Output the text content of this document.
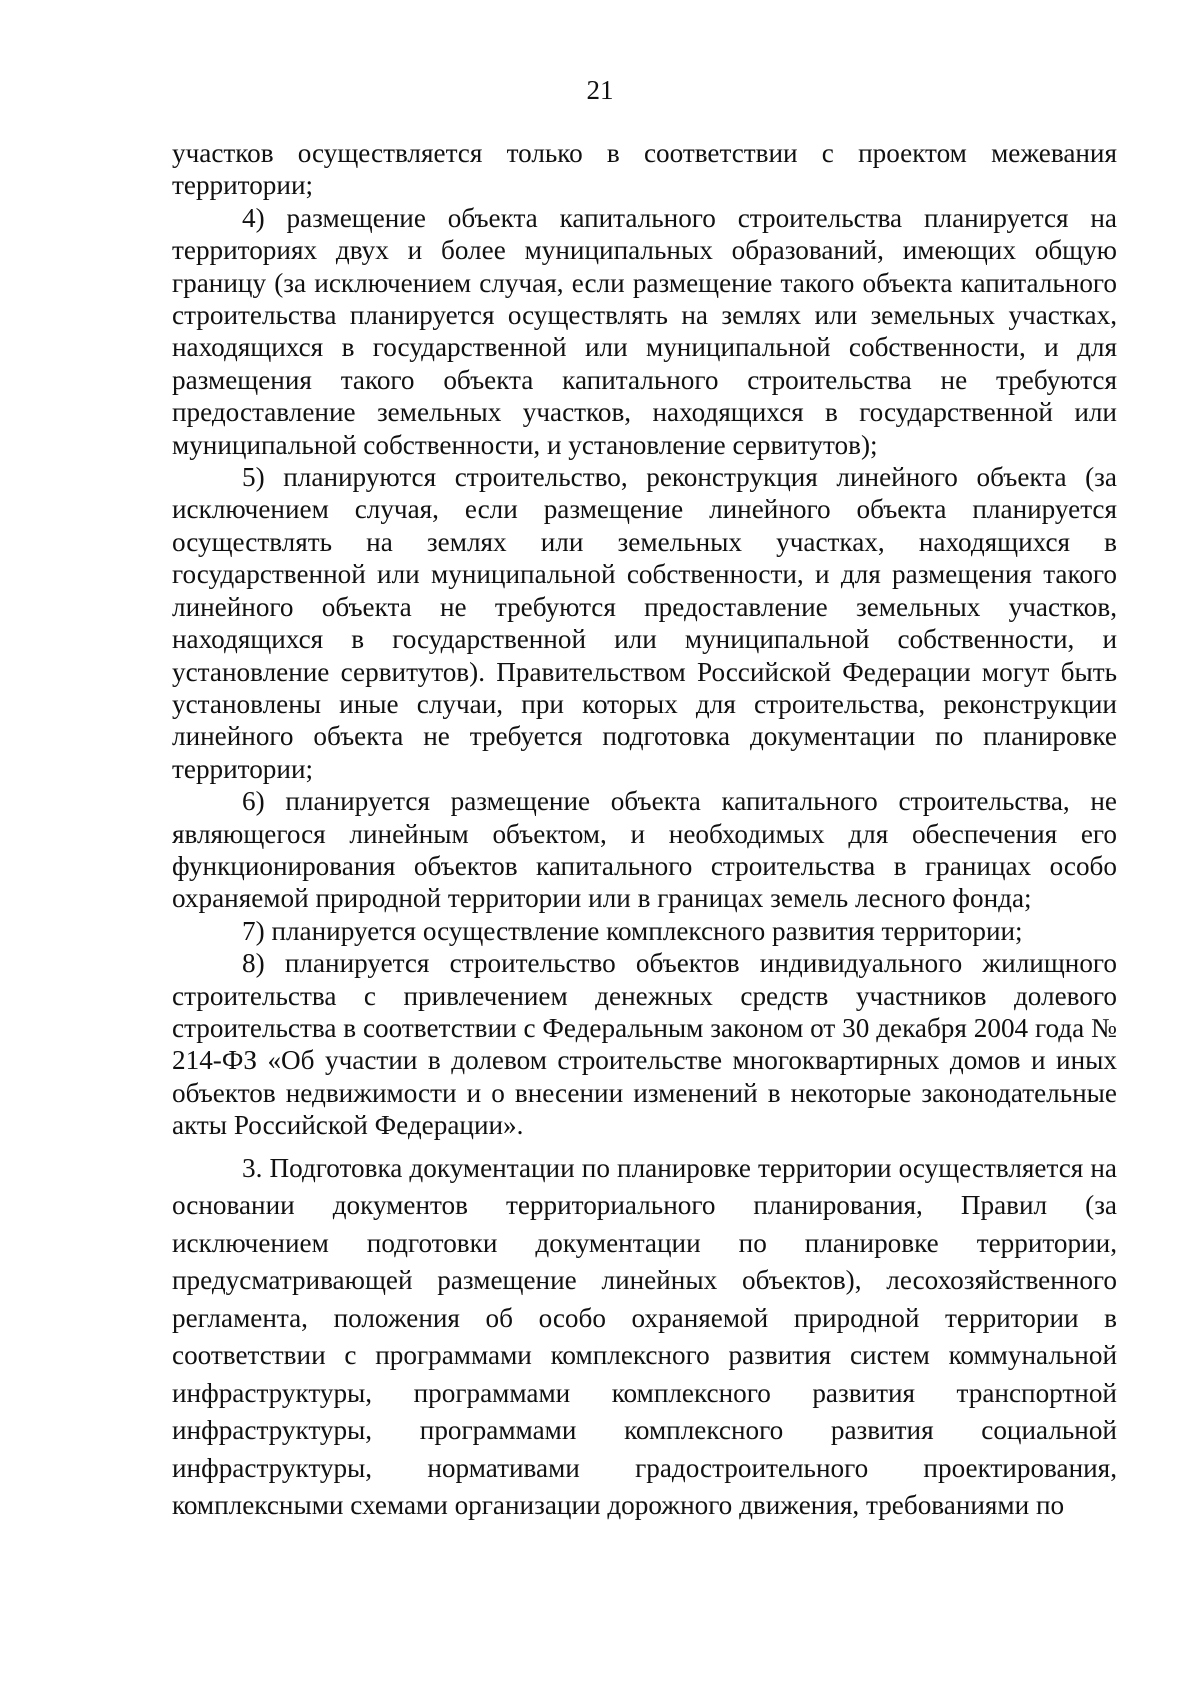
21

участков осуществляется только в соответствии с проектом межевания территории;

4) размещение объекта капитального строительства планируется на территориях двух и более муниципальных образований, имеющих общую границу (за исключением случая, если размещение такого объекта капитального строительства планируется осуществлять на землях или земельных участках, находящихся в государственной или муниципальной собственности, и для размещения такого объекта капитального строительства не требуются предоставление земельных участков, находящихся в государственной или муниципальной собственности, и установление сервитутов);

5) планируются строительство, реконструкция линейного объекта (за исключением случая, если размещение линейного объекта планируется осуществлять на землях или земельных участках, находящихся в государственной или муниципальной собственности, и для размещения такого линейного объекта не требуются предоставление земельных участков, находящихся в государственной или муниципальной собственности, и установление сервитутов). Правительством Российской Федерации могут быть установлены иные случаи, при которых для строительства, реконструкции линейного объекта не требуется подготовка документации по планировке территории;

6) планируется размещение объекта капитального строительства, не являющегося линейным объектом, и необходимых для обеспечения его функционирования объектов капитального строительства в границах особо охраняемой природной территории или в границах земель лесного фонда;

7) планируется осуществление комплексного развития территории;

8) планируется строительство объектов индивидуального жилищного строительства с привлечением денежных средств участников долевого строительства в соответствии с Федеральным законом от 30 декабря 2004 года № 214-ФЗ «Об участии в долевом строительстве многоквартирных домов и иных объектов недвижимости и о внесении изменений в некоторые законодательные акты Российской Федерации».

3. Подготовка документации по планировке территории осуществляется на основании документов территориального планирования, Правил (за исключением подготовки документации по планировке территории, предусматривающей размещение линейных объектов), лесохозяйственного регламента, положения об особо охраняемой природной территории в соответствии с программами комплексного развития систем коммунальной инфраструктуры, программами комплексного развития транспортной инфраструктуры, программами комплексного развития социальной инфраструктуры, нормативами градостроительного проектирования, комплексными схемами организации дорожного движения, требованиями по
